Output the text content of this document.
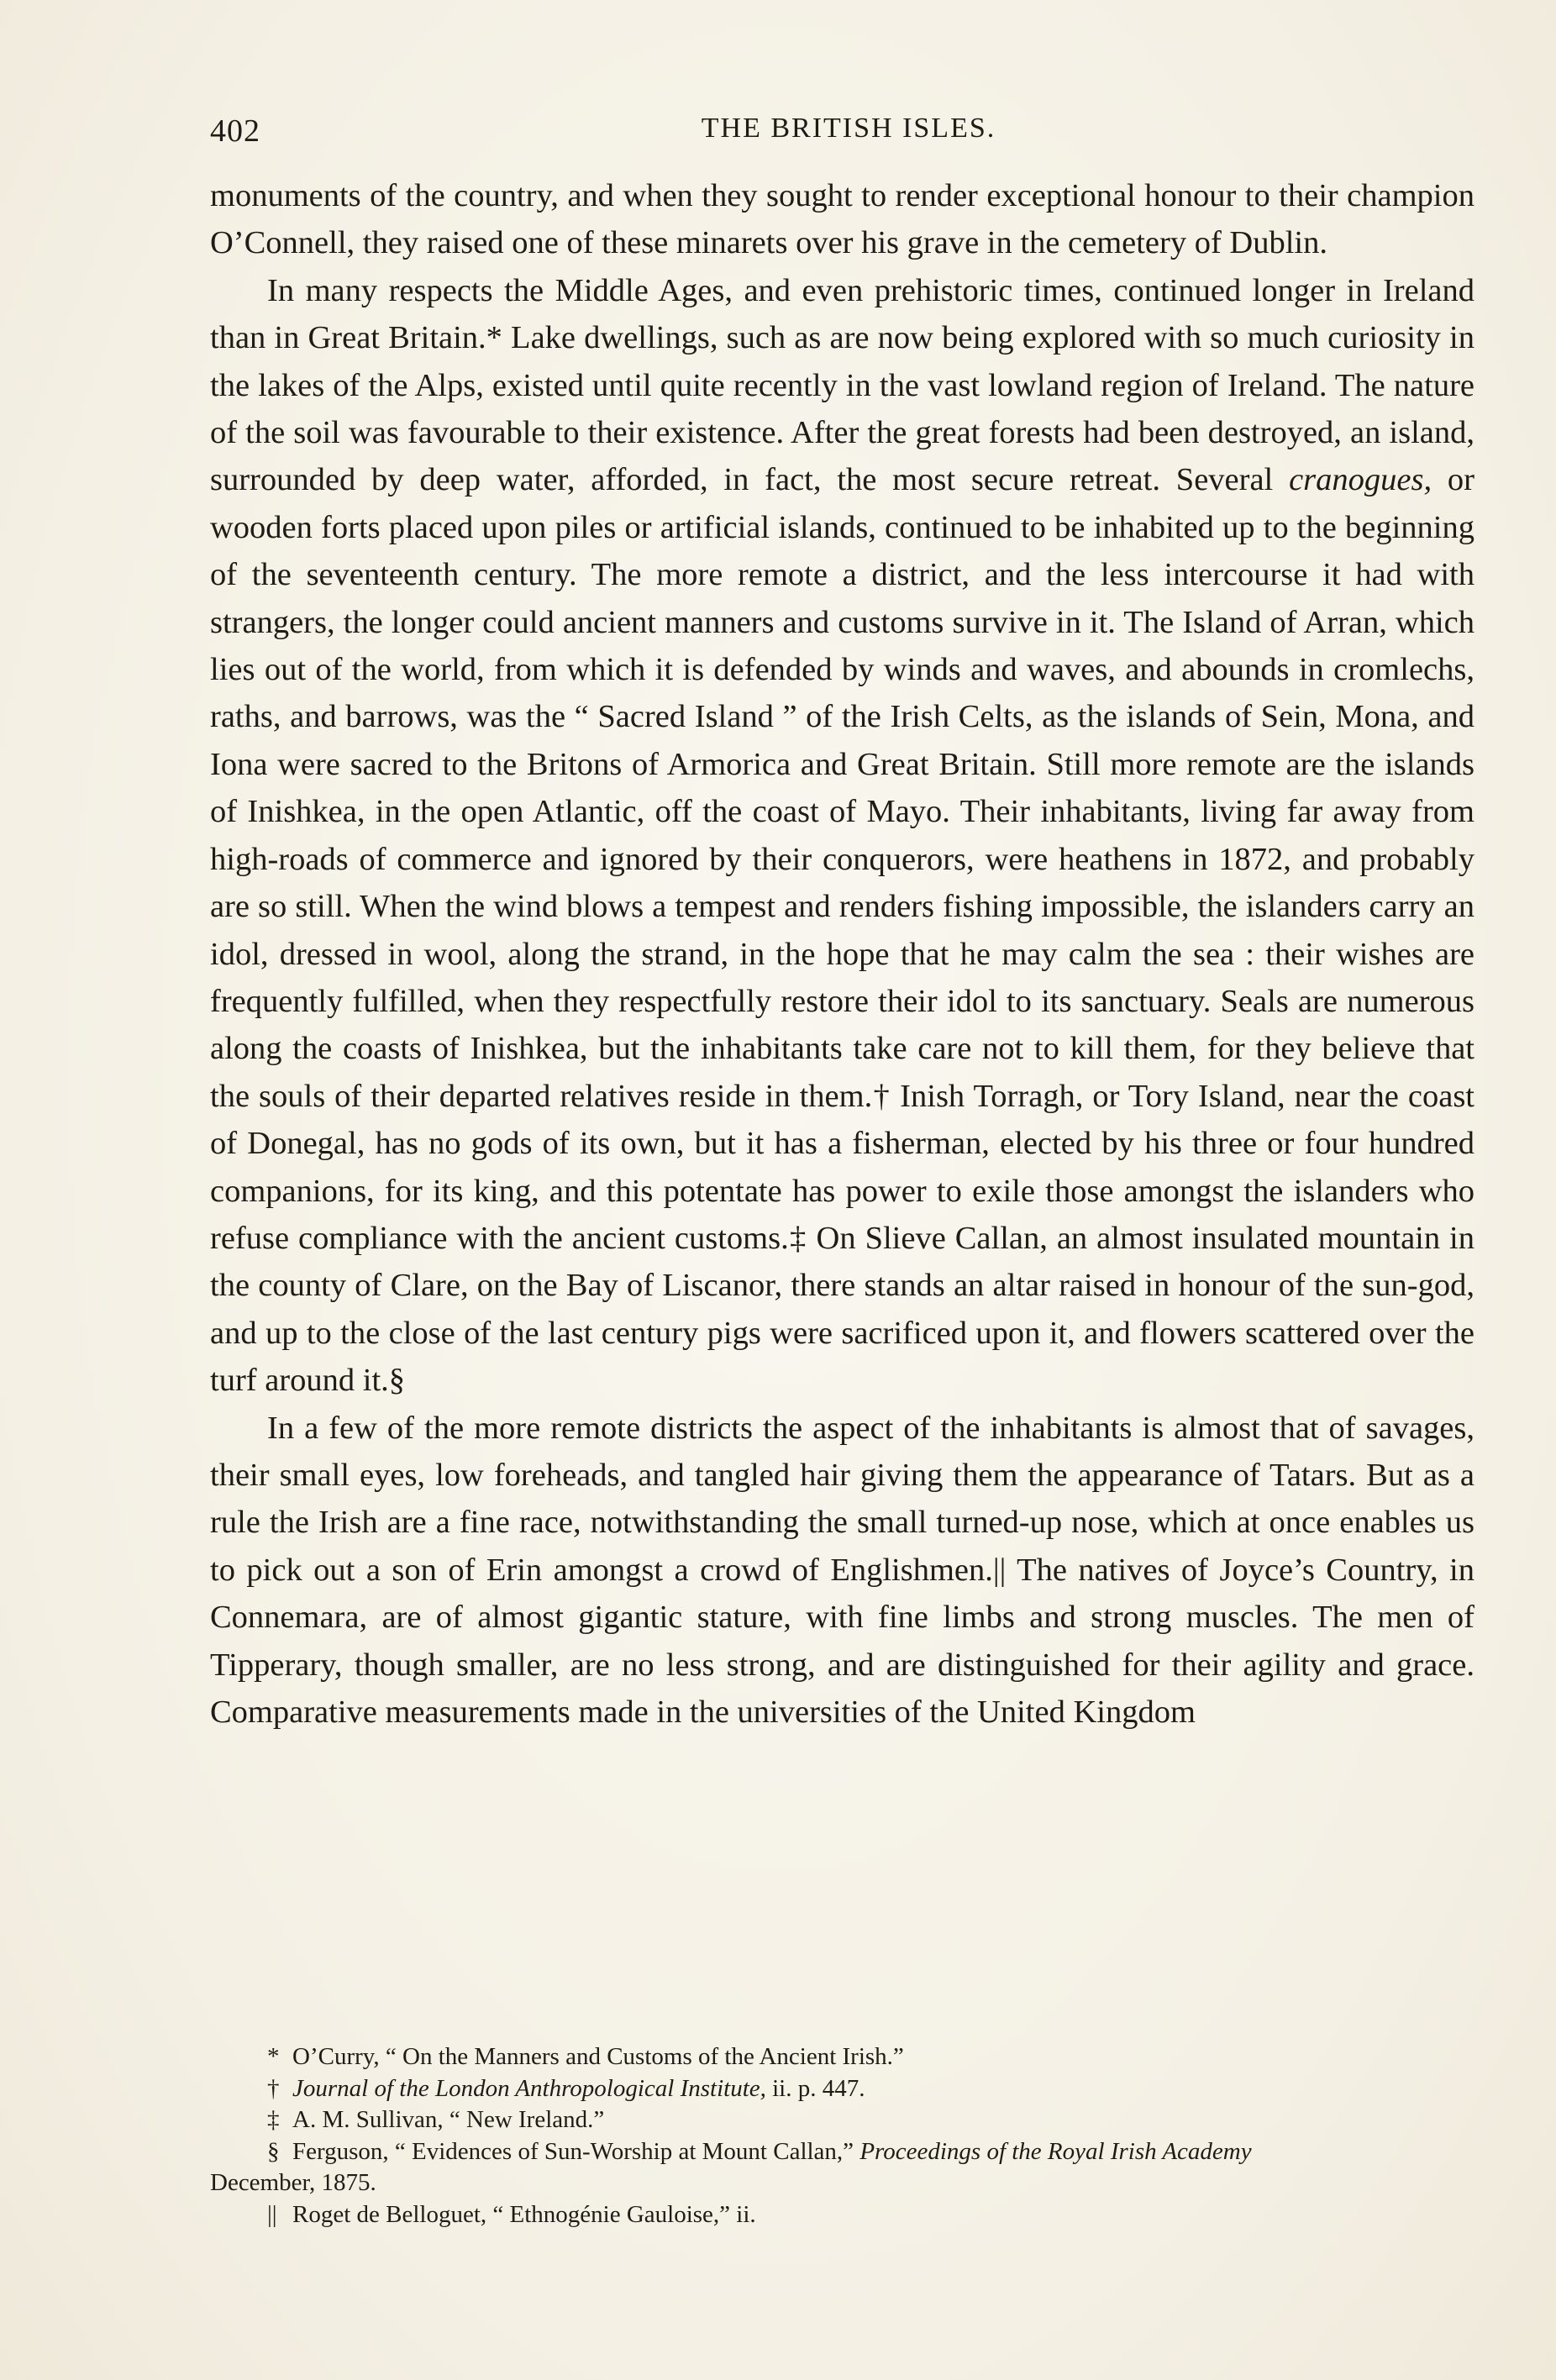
402	THE BRITISH ISLES.

monuments of the country, and when they sought to render exceptional honour to their champion O’Connell, they raised one of these minarets over his grave in the cemetery of Dublin.

In many respects the Middle Ages, and even prehistoric times, continued longer in Ireland than in Great Britain.* Lake dwellings, such as are now being explored with so much curiosity in the lakes of the Alps, existed until quite recently in the vast lowland region of Ireland. The nature of the soil was favourable to their existence. After the great forests had been destroyed, an island, surrounded by deep water, afforded, in fact, the most secure retreat. Several cranogues, or wooden forts placed upon piles or artificial islands, continued to be inhabited up to the beginning of the seventeenth century. The more remote a district, and the less intercourse it had with strangers, the longer could ancient manners and customs survive in it. The Island of Arran, which lies out of the world, from which it is defended by winds and waves, and abounds in cromlechs, raths, and barrows, was the “ Sacred Island ” of the Irish Celts, as the islands of Sein, Mona, and Iona were sacred to the Britons of Armorica and Great Britain. Still more remote are the islands of Inishkea, in the open Atlantic, off the coast of Mayo. Their inhabitants, living far away from high-roads of commerce and ignored by their conquerors, were heathens in 1872, and probably are so still. When the wind blows a tempest and renders fishing impossible, the islanders carry an idol, dressed in wool, along the strand, in the hope that he may calm the sea : their wishes are frequently fulfilled, when they respectfully restore their idol to its sanctuary. Seals are numerous along the coasts of Inishkea, but the inhabitants take care not to kill them, for they believe that the souls of their departed relatives reside in them.† Inish Torragh, or Tory Island, near the coast of Donegal, has no gods of its own, but it has a fisherman, elected by his three or four hundred companions, for its king, and this potentate has power to exile those amongst the islanders who refuse compliance with the ancient customs.‡ On Slieve Callan, an almost insulated mountain in the county of Clare, on the Bay of Liscanor, there stands an altar raised in honour of the sun-god, and up to the close of the last century pigs were sacrificed upon it, and flowers scattered over the turf around it.§

In a few of the more remote districts the aspect of the inhabitants is almost that of savages, their small eyes, low foreheads, and tangled hair giving them the appearance of Tatars. But as a rule the Irish are a fine race, notwithstanding the small turned-up nose, which at once enables us to pick out a son of Erin amongst a crowd of Englishmen.|| The natives of Joyce’s Country, in Connemara, are of almost gigantic stature, with fine limbs and strong muscles. The men of Tipperary, though smaller, are no less strong, and are distinguished for their agility and grace. Comparative measurements made in the universities of the United Kingdom

* O’Curry, “ On the Manners and Customs of the Ancient Irish.”

† Journal of the London Anthropological Institute, ii. p. 447.

‡ A. M. Sullivan, “ New Ireland.”

§ Ferguson, “ Evidences of Sun-Worship at Mount Callan,” Proceedings of the Royal Irish Academy
December, 1875.

|| Roget de Belloguet, “ Ethnogénie Gauloise,” ii.
